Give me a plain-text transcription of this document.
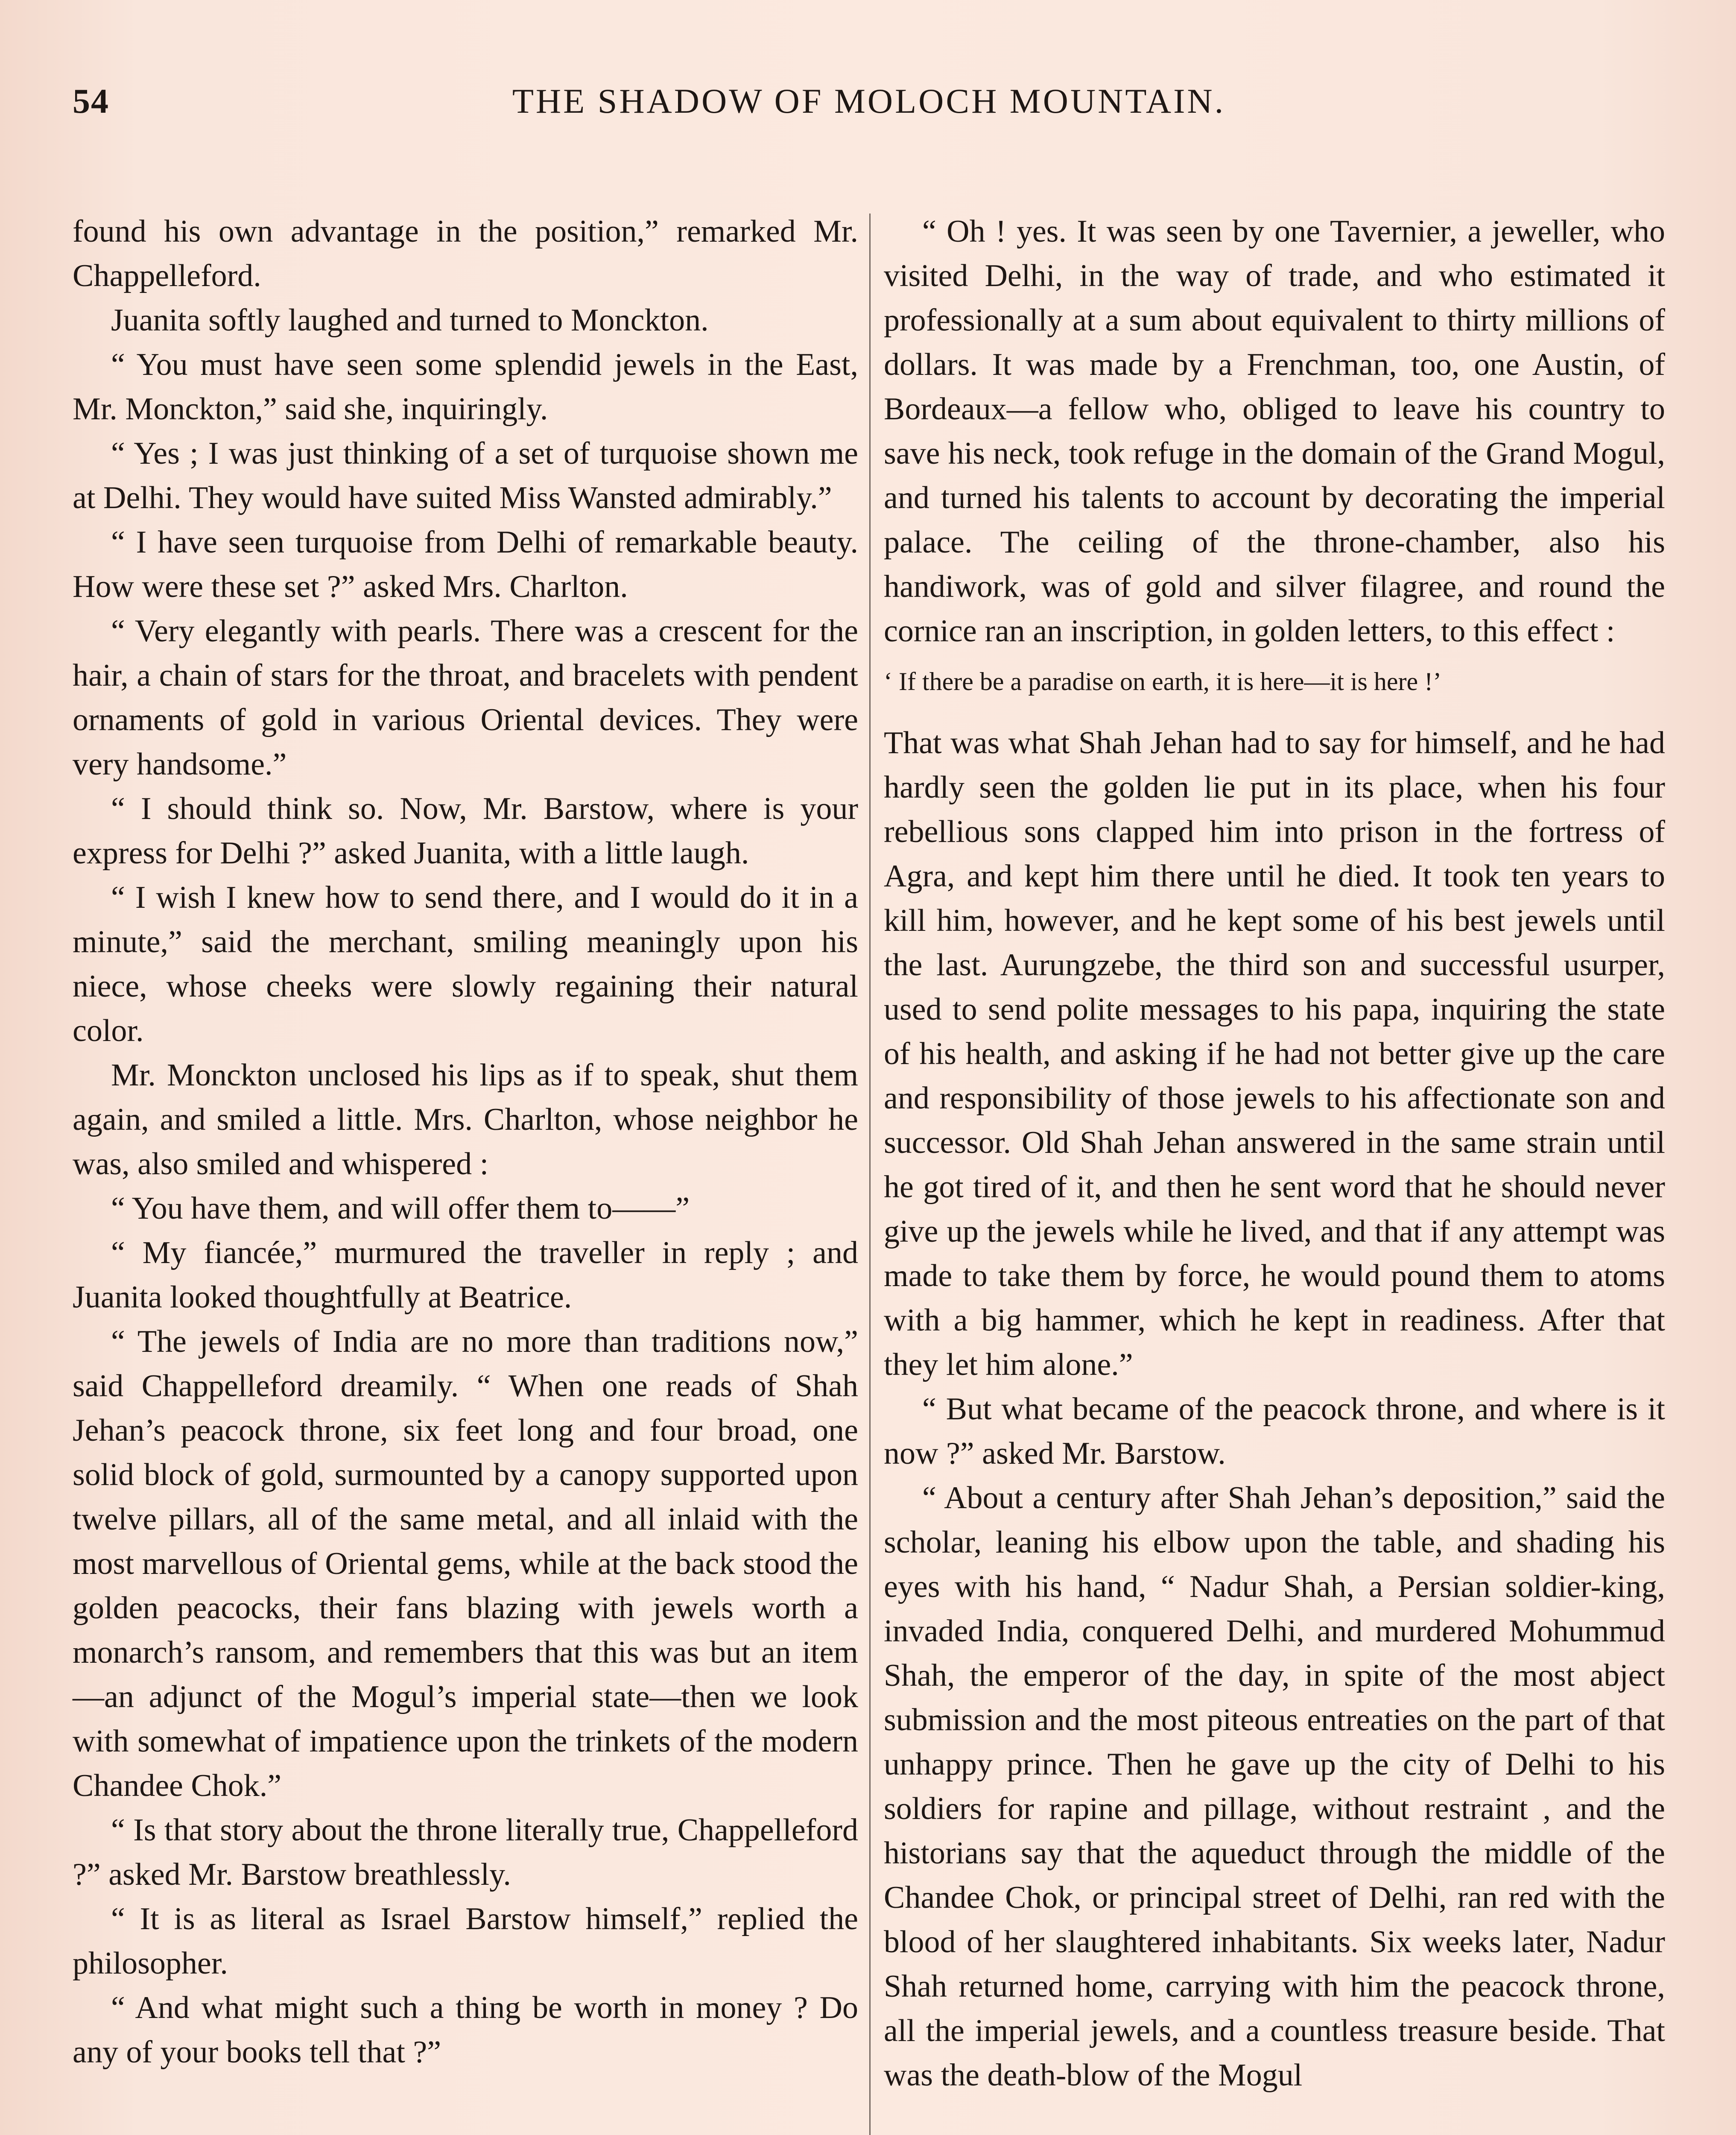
54	THE SHADOW OF MOLOCH MOUNTAIN.

found his own advantage in the position,” remarked Mr. Chappelleford.

Juanita softly laughed and turned to Monckton.

“ You must have seen some splendid jewels in the East, Mr. Monckton,” said she, inquiringly.

“ Yes ; I was just thinking of a set of turquoise shown me at Delhi. They would have suited Miss Wansted admirably.”

“ I have seen turquoise from Delhi of remarkable beauty. How were these set ?” asked Mrs. Charlton.

“ Very elegantly with pearls. There was a crescent for the hair, a chain of stars for the throat, and bracelets with pendent ornaments of gold in various Oriental devices. They were very handsome.”

“ I should think so. Now, Mr. Barstow, where is your express for Delhi ?” asked Juanita, with a little laugh.

“ I wish I knew how to send there, and I would do it in a minute,” said the merchant, smiling meaningly upon his niece, whose cheeks were slowly regaining their natural color.

Mr. Monckton unclosed his lips as if to speak, shut them again, and smiled a little. Mrs. Charlton, whose neighbor he was, also smiled and whispered :

“ You have them, and will offer them to——”

“ My fiancée,” murmured the traveller in reply ; and Juanita looked thoughtfully at Beatrice.

“ The jewels of India are no more than traditions now,” said Chappelleford dreamily. “ When one reads of Shah Jehan’s peacock throne, six feet long and four broad, one solid block of gold, surmounted by a canopy supported upon twelve pillars, all of the same metal, and all inlaid with the most marvellous of Oriental gems, while at the back stood the golden peacocks, their fans blazing with jewels worth a monarch’s ransom, and remembers that this was but an item—an adjunct of the Mogul’s imperial state—then we look with somewhat of impatience upon the trinkets of the modern Chandee Chok.”

“ Is that story about the throne literally true, Chappelleford ?” asked Mr. Barstow breathlessly.

“ It is as literal as Israel Barstow himself,” replied the philosopher.

“ And what might such a thing be worth in money ? Do any of your books tell that ?”

“ Oh ! yes. It was seen by one Tavernier, a jeweller, who visited Delhi, in the way of trade, and who estimated it professionally at a sum about equivalent to thirty millions of dollars. It was made by a Frenchman, too, one Austin, of Bordeaux—a fellow who, obliged to leave his country to save his neck, took refuge in the domain of the Grand Mogul, and turned his talents to account by decorating the imperial palace. The ceiling of the throne-chamber, also his handiwork, was of gold and silver filagree, and round the cornice ran an inscription, in golden letters, to this effect :

‘ If there be a paradise on earth, it is here—it is here !’

That was what Shah Jehan had to say for himself, and he had hardly seen the golden lie put in its place, when his four rebellious sons clapped him into prison in the fortress of Agra, and kept him there until he died. It took ten years to kill him, however, and he kept some of his best jewels until the last. Aurungzebe, the third son and successful usurper, used to send polite messages to his papa, inquiring the state of his health, and asking if he had not better give up the care and responsibility of those jewels to his affectionate son and successor. Old Shah Jehan answered in the same strain until he got tired of it, and then he sent word that he should never give up the jewels while he lived, and that if any attempt was made to take them by force, he would pound them to atoms with a big hammer, which he kept in readiness. After that they let him alone.”

“ But what became of the peacock throne, and where is it now ?” asked Mr. Barstow.

“ About a century after Shah Jehan’s deposition,” said the scholar, leaning his elbow upon the table, and shading his eyes with his hand, “ Nadur Shah, a Persian soldier-king, invaded India, conquered Delhi, and murdered Mohummud Shah, the emperor of the day, in spite of the most abject submission and the most piteous entreaties on the part of that unhappy prince. Then he gave up the city of Delhi to his soldiers for rapine and pillage, without restraint , and the historians say that the aqueduct through the middle of the Chandee Chok, or principal street of Delhi, ran red with the blood of her slaughtered inhabitants. Six weeks later, Nadur Shah returned home, carrying with him the peacock throne, all the imperial jewels, and a countless treasure beside. That was the death-blow of the Mogul
